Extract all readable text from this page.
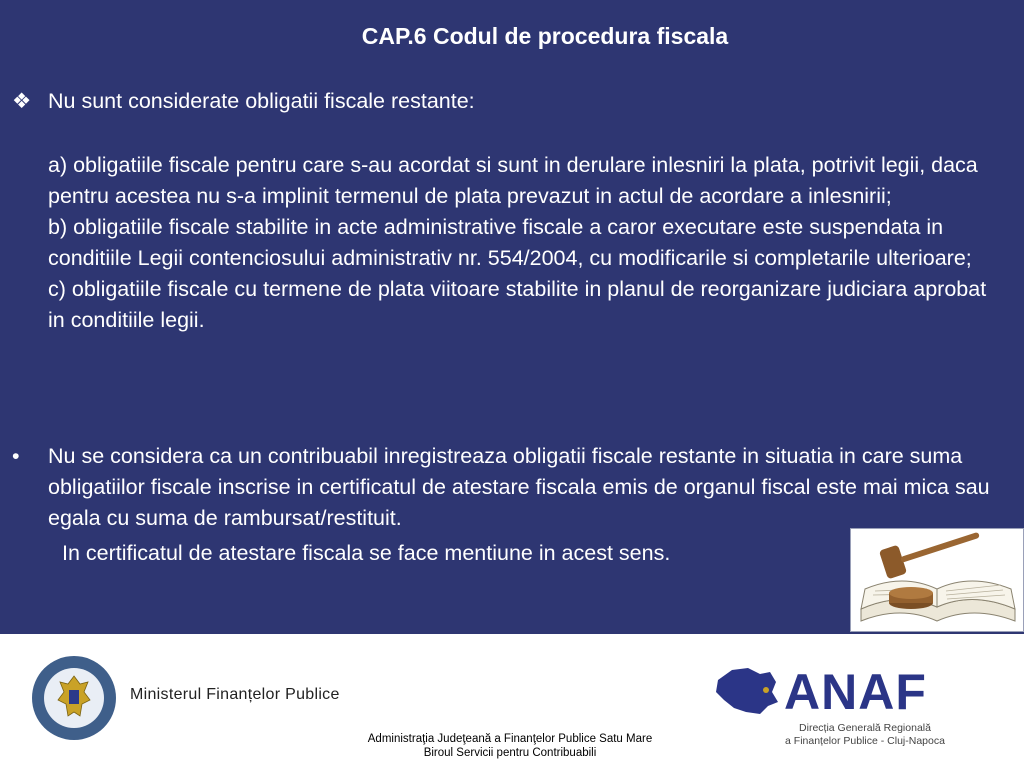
CAP.6 Codul de procedura fiscala
❖ Nu sunt considerate obligatii fiscale restante:

a) obligatiile fiscale pentru care s-au acordat si sunt in derulare inlesniri la plata, potrivit legii, daca pentru acestea nu s-a implinit termenul de plata prevazut in actul de acordare a inlesnirii;

b) obligatiile fiscale stabilite in acte administrative fiscale a caror executare este suspendata in conditiile Legii contenciosului administrativ nr. 554/2004, cu modificarile si completarile ulterioare;

c) obligatiile fiscale cu termene de plata viitoare stabilite in planul de reorganizare judiciara aprobat in conditiile legii.

•	Nu se considera ca un contribuabil inregistreaza obligatii fiscale restante in situatia in care suma obligatiilor fiscale inscrise in certificatul de atestare fiscala emis de organul fiscal este mai mica sau egala cu suma de rambursat/restituit.
In certificatul de atestare fiscala se face mentiune in acest sens.
Ministerul Finanțelor Publice
Administraţia Judeţeană a Finanţelor Publice Satu Mare
Biroul Servicii pentru Contribuabili
ANAF
Direcția Generală Regională
a Finanțelor Publice - Cluj-Napoca
